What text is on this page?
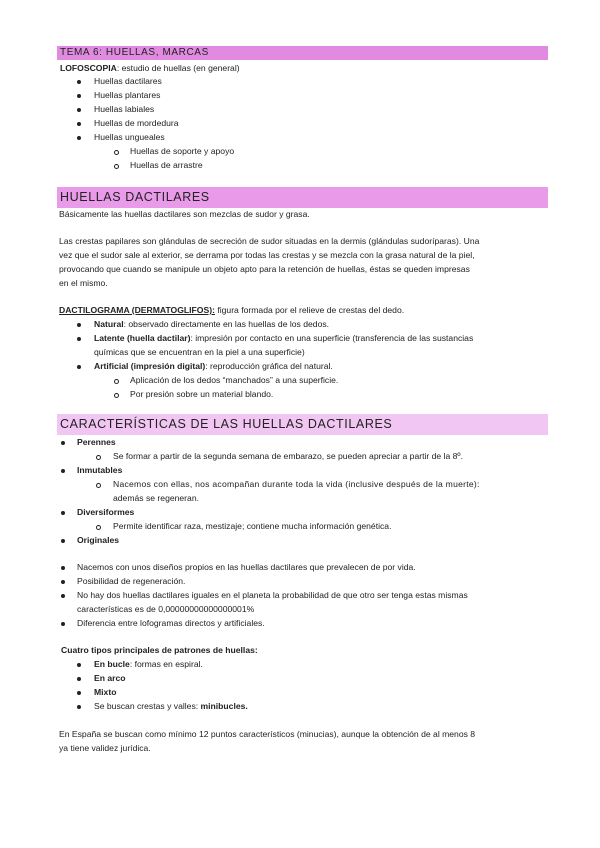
TEMA 6: HUELLAS, MARCAS
LOFOSCOPIA: estudio de huellas (en general)
Huellas dactilares
Huellas plantares
Huellas labiales
Huellas de mordedura
Huellas ungueales
Huellas de soporte y apoyo
Huellas de arrastre
HUELLAS DACTILARES
Básicamente las huellas dactilares son mezclas de sudor y grasa.
Las crestas papilares son glándulas de secreción de sudor situadas en la dermis (glándulas sudoríparas). Una
vez que el sudor sale al exterior, se derrama por todas las crestas y se mezcla con la grasa natural de la piel,
provocando que cuando se manipule un objeto apto para la retención de huellas, éstas se queden impresas
en el mismo.
DACTILOGRAMA (DERMATOGLIFOS): figura formada por el relieve de crestas del dedo.
Natural: observado directamente en las huellas de los dedos.
Latente (huella dactilar): impresión por contacto en una superficie (transferencia de las sustancias
químicas que se encuentran en la piel a una superficie)
Artificial (impresión digital): reproducción gráfica del natural.
Aplicación de los dedos “manchados” a una superficie.
Por presión sobre un material blando.
CARACTERÍSTICAS DE LAS HUELLAS DACTILARES
Perennes
Se formar a partir de la segunda semana de embarazo, se pueden apreciar a partir de la 8º.
Inmutables
Nacemos con ellas, nos acompañan durante toda la vida (inclusive después de la muerte):
además se regeneran.
Diversiformes
Permite identificar raza, mestizaje; contiene mucha información genética.
Originales
Nacemos con unos diseños propios en las huellas dactilares que prevalecen de por vida.
Posibilidad de regeneración.
No hay dos huellas dactilares iguales en el planeta la probabilidad de que otro ser tenga estas mismas
características es de 0,00000000000000001%
Diferencia entre lofogramas directos y artificiales.
Cuatro tipos principales de patrones de huellas:
En bucle: formas en espiral.
En arco
Mixto
Se buscan crestas y valles: minibucles.
En España se buscan como mínimo 12 puntos característicos (minucias), aunque la obtención de al menos 8
ya tiene validez jurídica.
